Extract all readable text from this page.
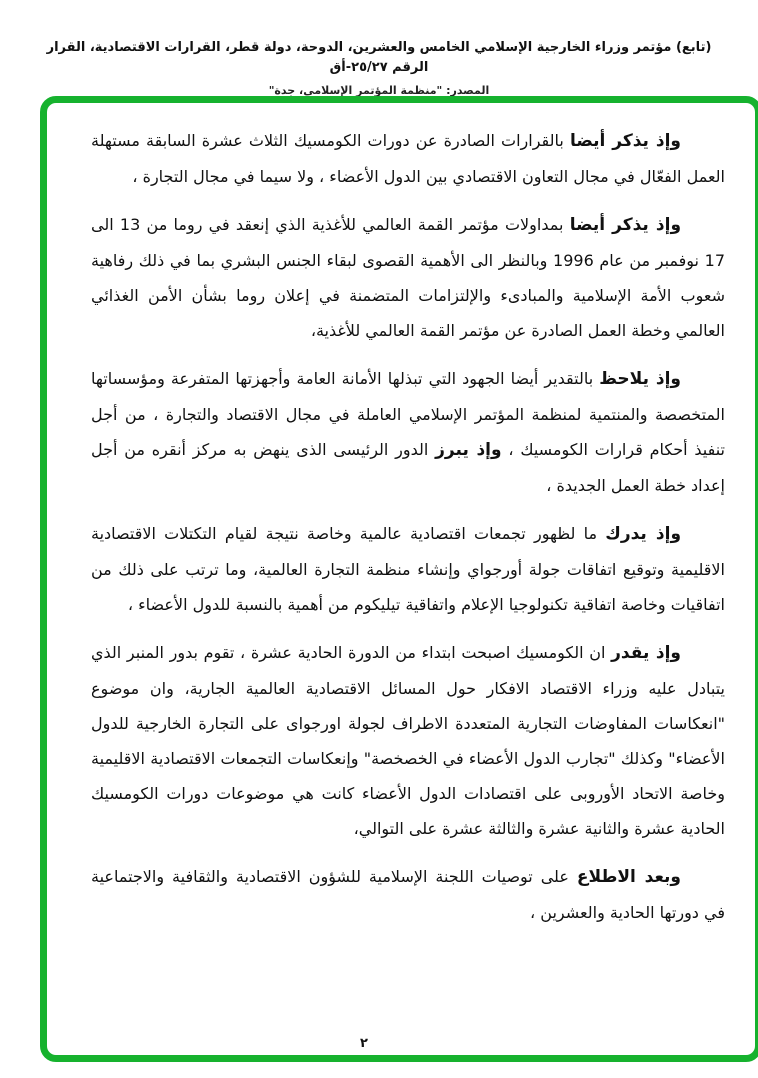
(تابع) مؤتمر وزراء الخارجية الإسلامي الخامس والعشرين، الدوحة، دولة قطر، القرارات الاقتصادية، القرار الرقم ٢٥/٢٧-أق
المصدر: "منظمة المؤتمر الإسلامي، جدة"

وإذ يذكر أيضا بالقرارات الصادرة عن دورات الكومسيك الثلاث عشرة السابقة مستهلة العمل الفعّال في مجال التعاون الاقتصادي بين الدول الأعضاء ، ولا سيما في مجال التجارة ،

وإذ يذكر أيضا بمداولات مؤتمر القمة العالمي للأغذية الذي إنعقد في روما من 13 الى 17 نوفمبر من عام 1996 وبالنظر الى الأهمية القصوى لبقاء الجنس البشري بما في ذلك رفاهية شعوب الأمة الإسلامية والمبادىء والإلتزامات المتضمنة في إعلان روما بشأن الأمن الغذائي العالمي وخطة العمل الصادرة عن مؤتمر القمة العالمي للأغذية،

وإذ يلاحظ بالتقدير أيضا الجهود التي تبذلها الأمانة العامة وأجهزتها المتفرعة ومؤسساتها المتخصصة والمنتمية لمنظمة المؤتمر الإسلامي العاملة في مجال الاقتصاد والتجارة ، من أجل تنفيذ أحكام قرارات الكومسيك ، وإذ يبرز الدور الرئيسى الذى ينهض به مركز أنقره من أجل إعداد خطة العمل الجديدة ،

وإذ يدرك ما لظهور تجمعات اقتصادية عالمية وخاصة نتيجة لقيام التكتلات الاقتصادية الاقليمية وتوقيع اتفاقات جولة أورجواي وإنشاء منظمة التجارة العالمية، وما ترتب على ذلك من اتفاقيات وخاصة اتفاقية تكنولوجيا الإعلام واتفاقية تيليكوم من أهمية بالنسبة للدول الأعضاء ،

وإذ يقدر ان الكومسيك اصبحت ابتداء من الدورة الحادية عشرة ، تقوم بدور المنبر الذي يتبادل عليه وزراء الاقتصاد الافكار حول المسائل الاقتصادية العالمية الجارية، وان موضوع "انعكاسات المفاوضات التجارية المتعددة الاطراف لجولة اورجواى على التجارة الخارجية للدول الأعضاء" وكذلك "تجارب الدول الأعضاء في الخصخصة" وإنعكاسات التجمعات الاقتصادية الاقليمية وخاصة الاتحاد الأوروبى على اقتصادات الدول الأعضاء كانت هي موضوعات دورات الكومسيك الحادية عشرة والثانية عشرة والثالثة عشرة على التوالي،

وبعد الاطلاع على توصيات اللجنة الإسلامية للشؤون الاقتصادية والثقافية والاجتماعية في دورتها الحادية والعشرين ،

٢
